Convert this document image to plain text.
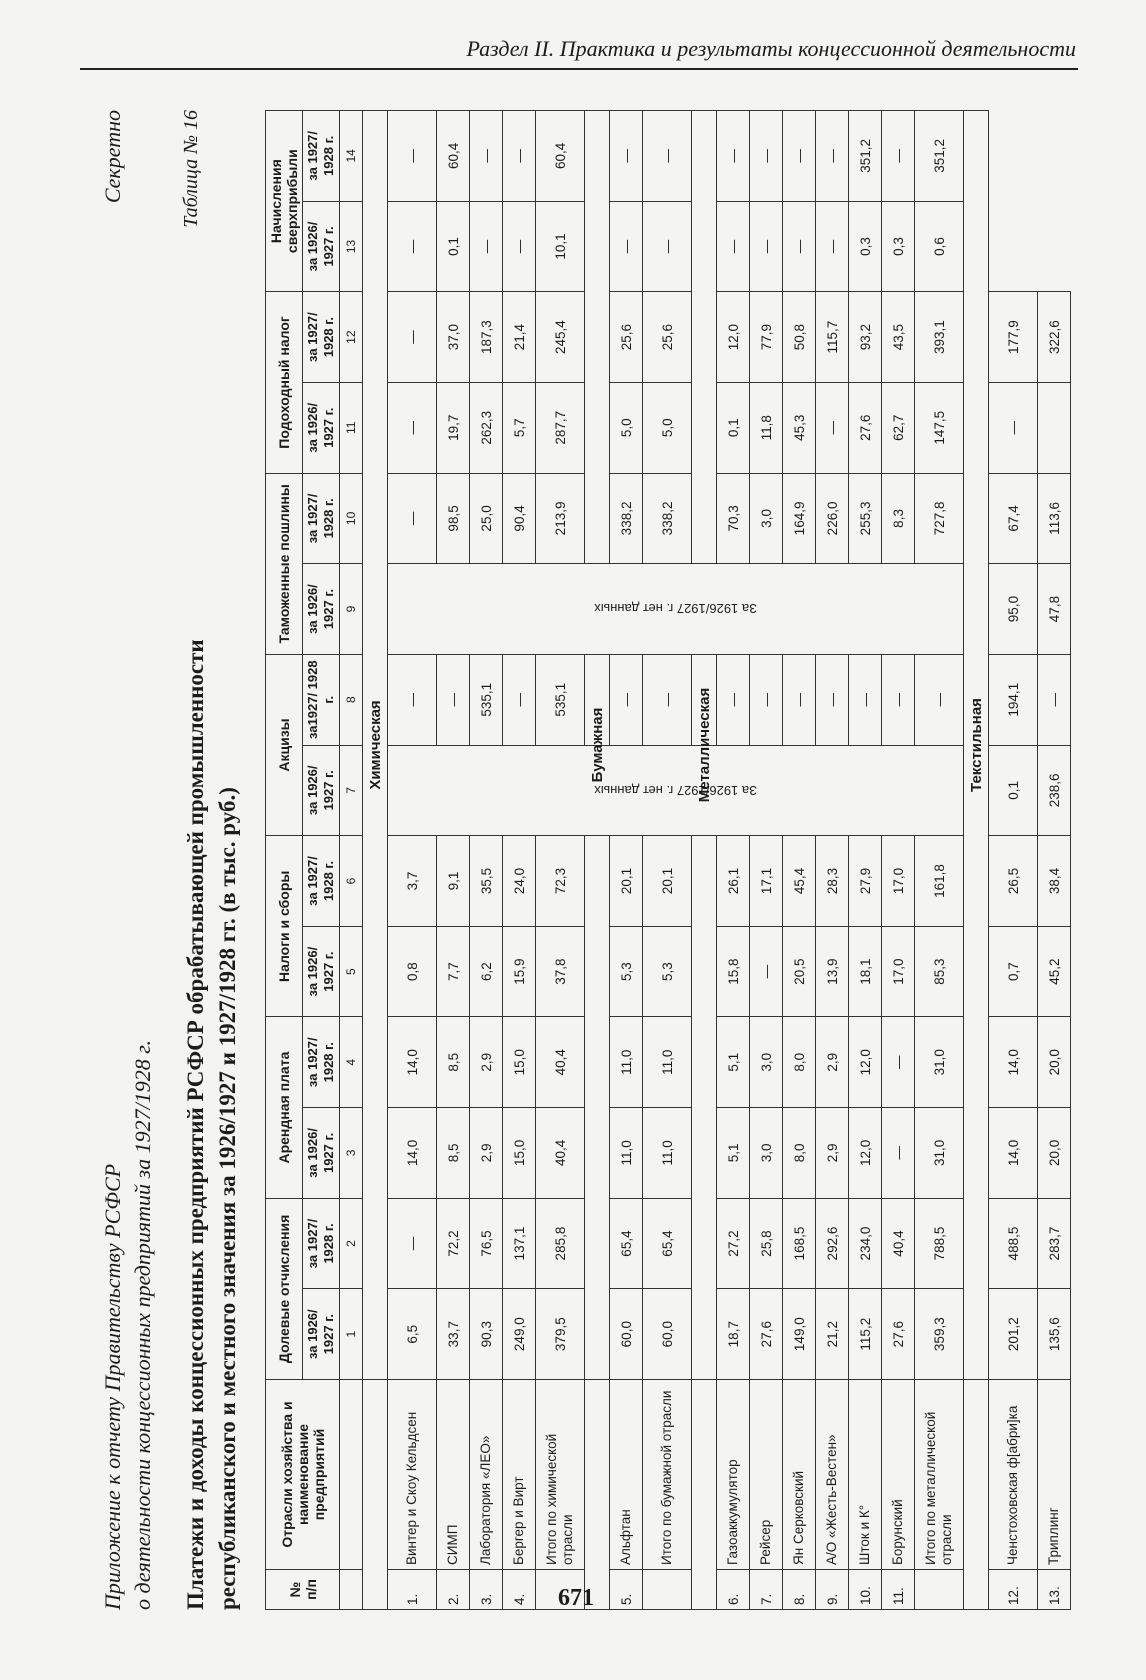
Раздел II. Практика и результаты концессионной деятельности
Приложение к отчету Правительству РСФСР о деятельности концессионных предприятий за 1927/1928 г.
Секретно	Таблица № 16
Платежи и доходы концессионных предприятий РСФСР обрабатывающей промышленности республиканского и местного значения за 1926/1927 и 1927/1928 гг. (в тыс. руб.)	№ п/п	Отрасли хозяйства и наименование предприятий	Долевые отчисления		Арендная плата		Налоги и сборы		Акцизы		Таможенные пошлины		Подоходный налог		Начисления сверхприбыли	
		за 1926/ 1927 г.	за 1927/ 1928 г.	за 1926/ 1927 г.	за 1927/ 1928 г.	за 1926/ 1927 г.	за 1927/ 1928 г.	за 1926/ 1927 г.	за1927/ 1928 г.	за 1926/ 1927 г.	за 1927/ 1928 г.	за 1926/ 1927 г.	за 1927/ 1928 г.	за 1926/ 1927 г.	за 1927/ 1928 г.
		1	2	3	4	5	6	7	8	9	10	11	12	13	14
		Химическая													
1.	Винтер и Скоу Кельдсен	6,5	—	14,0	14,0	0,8	3,7	За 1926/1927 г. нет данных	—	За 1926/1927 г. нет данных	—	—	—	—	—
2.	СИМП	33,7	72,2	8,5	8,5	7,7	9,1		—		98,5	19,7	37,0	0,1	60,4
3.	Лаборатория «ЛЕО»	90,3	76,5	2,9	2,9	6,2	35,5		535,1		25,0	262,3	187,3	—	—
4.	Бергер и Вирт	249,0	137,1	15,0	15,0	15,9	24,0		—		90,4	5,7	21,4	—	—
	Итого по химической отрасли	379,5	285,8	40,4	40,4	37,8	72,3		535,1		213,9	287,7	245,4	10,1	60,4
		Бумажная													
5.	Альфтан	60,0	65,4	11,0	11,0	5,3	20,1		—		338,2	5,0	25,6	—	—
	Итого по бумажной отрасли	60,0	65,4	11,0	11,0	5,3	20,1		—		338,2	5,0	25,6	—	—
		Металлическая													
6.	Газоаккумулятор	18,7	27,2	5,1	5,1	15,8	26,1		—		70,3	0,1	12,0	—	—
7.	Рейсер	27,6	25,8	3,0	3,0	—	17,1		—		3,0	11,8	77,9	—	—
8.	Ян Серковский	149,0	168,5	8,0	8,0	20,5	45,4		—		164,9	45,3	50,8	—	—
9.	А/О «Жесть-Вестен»	21,2	292,6	2,9	2,9	13,9	28,3		—		226,0	—	115,7	—	—
10.	Шток и К°	115,2	234,0	12,0	12,0	18,1	27,9		—		255,3	27,6	93,2	0,3	351,2
11.	Борунский	27,6	40,4	—	—	17,0	17,0		—		8,3	62,7	43,5	0,3	—
	Итого по металлической отрасли	359,3	788,5	31,0	31,0	85,3	161,8		—		727,8	147,5	393,1	0,6	351,2
		Текстильная													
12.	Ченстоховская ф[абри]ка	201,2	488,5	14,0	14,0	0,7	26,5	0,1	194,1	95,0	67,4	—	177,9		
13.	Триплинг	135,6	283,7	20,0	20,0	45,2	38,4	238,6	—	47,8	113,6		322,6		
671
